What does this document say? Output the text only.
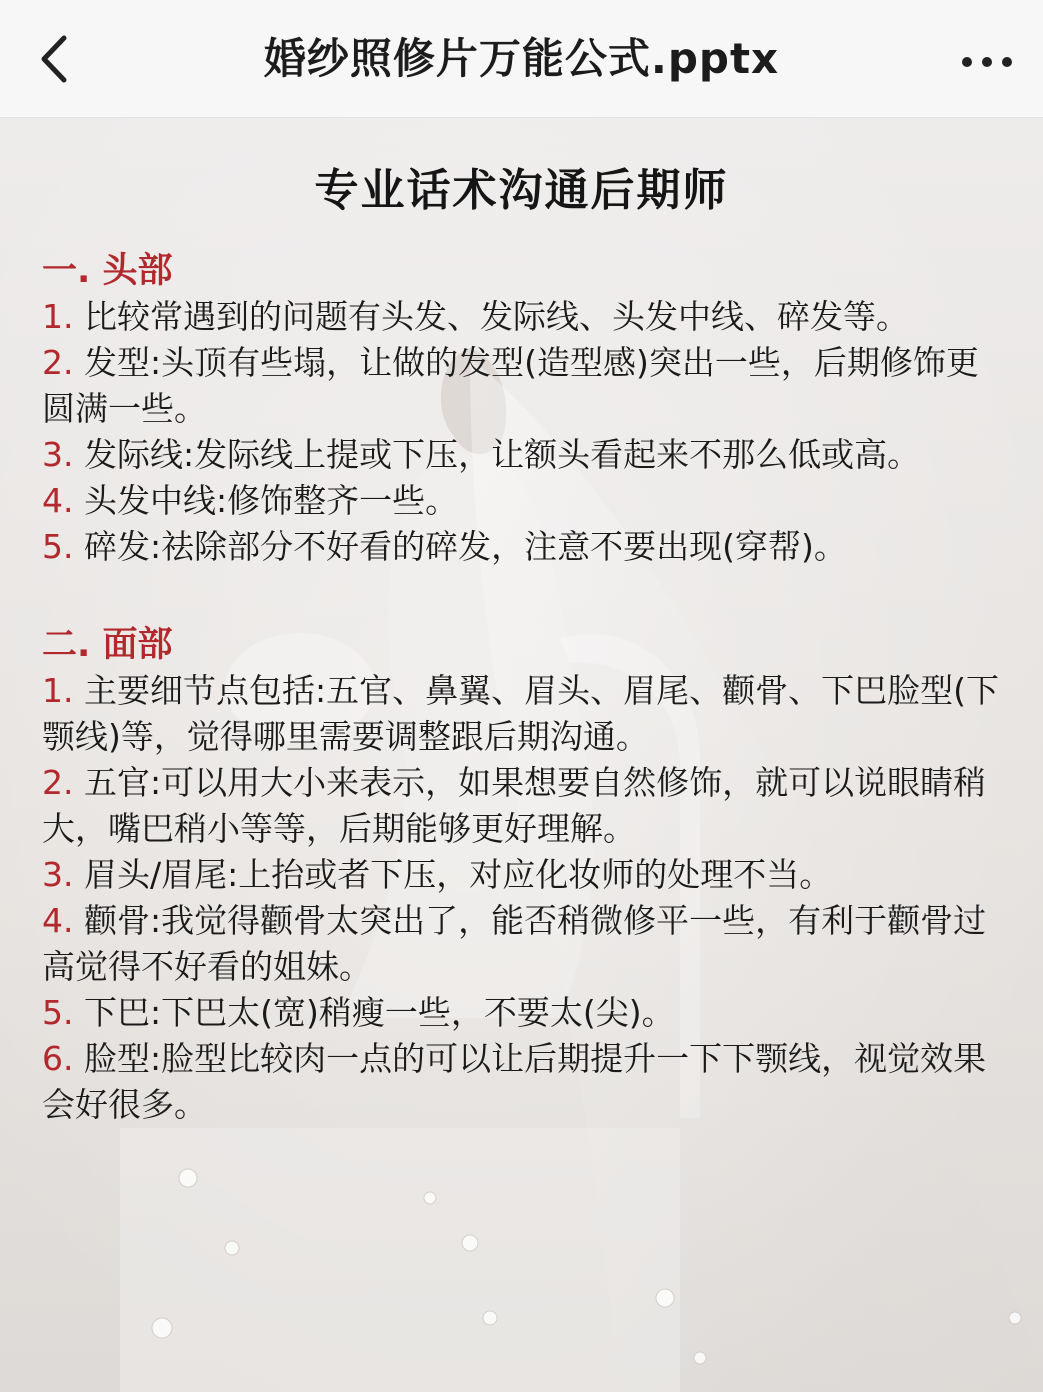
婚纱照修片万能公式.pptx
专业话术沟通后期师
一. 头部

1. 比较常遇到的问题有头发、发际线、头发中线、碎发等。

2. 发型:头顶有些塌，让做的发型(造型感)突出一些，后期修饰更圆满一些。

3. 发际线:发际线上提或下压，让额头看起来不那么低或高。

4. 头发中线:修饰整齐一些。

5. 碎发:祛除部分不好看的碎发，注意不要出现(穿帮)。

二. 面部

1. 主要细节点包括:五官、鼻翼、眉头、眉尾、颧骨、下巴脸型(下颚线)等，觉得哪里需要调整跟后期沟通。

2. 五官:可以用大小来表示，如果想要自然修饰，就可以说眼睛稍大，嘴巴稍小等等，后期能够更好理解。

3. 眉头/眉尾:上抬或者下压，对应化妆师的处理不当。

4. 颧骨:我觉得颧骨太突出了，能否稍微修平一些，有利于颧骨过高觉得不好看的姐妹。

5. 下巴:下巴太(宽)稍瘦一些，不要太(尖)。

6. 脸型:脸型比较肉一点的可以让后期提升一下下颚线，视觉效果会好很多。
